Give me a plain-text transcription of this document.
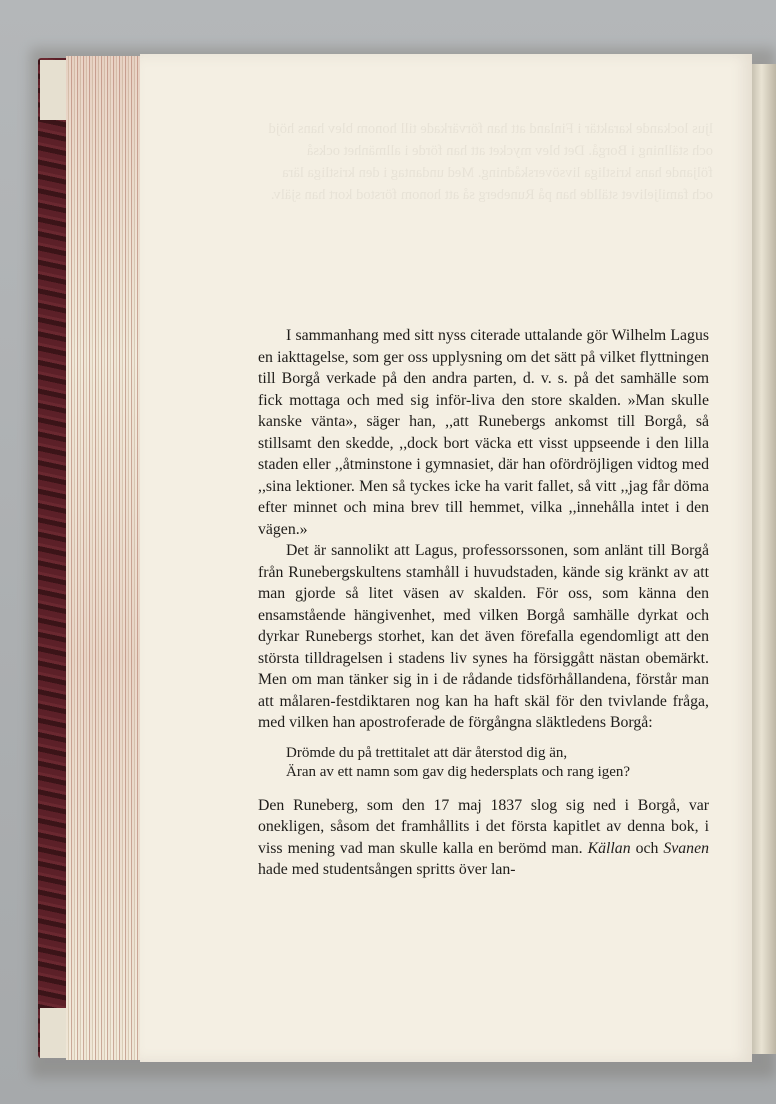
ljus lockande karaktär i Finland att han förvärkade till honom blev hans höjd och ställning i Borgå. Det blev mycket att han förde i allmänhet också följande hans kristliga livsöverskådning. Med undantag i den kristliga lära och familjelivet ställde han på Runeberg så att honom förstod kort han själv.

I sammanhang med sitt nyss citerade uttalande gör Wilhelm Lagus en iakttagelse, som ger oss upplysning om det sätt på vilket flyttningen till Borgå verkade på den andra parten, d. v. s. på det samhälle som fick mottaga och med sig inför-liva den store skalden. »Man skulle kanske vänta», säger han, ,,att Runebergs ankomst till Borgå, så stillsamt den skedde, ,,dock bort väcka ett visst uppseende i den lilla staden eller ,,åtminstone i gymnasiet, där han ofördröjligen vidtog med ,,sina lektioner. Men så tyckes icke ha varit fallet, så vitt ,,jag får döma efter minnet och mina brev till hemmet, vilka ,,innehålla intet i den vägen.»

Det är sannolikt att Lagus, professorssonen, som anlänt till Borgå från Runebergskultens stamhåll i huvudstaden, kände sig kränkt av att man gjorde så litet väsen av skalden. För oss, som känna den ensamstående hängivenhet, med vilken Borgå samhälle dyrkat och dyrkar Runebergs storhet, kan det även förefalla egendomligt att den största tilldragelsen i stadens liv synes ha försiggått nästan obemärkt. Men om man tänker sig in i de rådande tidsförhållandena, förstår man att målaren-festdiktaren nog kan ha haft skäl för den tvivlande fråga, med vilken han apostroferade de förgångna släktledens Borgå:

Drömde du på trettitalet att där återstod dig än,
Äran av ett namn som gav dig hedersplats och rang igen?

Den Runeberg, som den 17 maj 1837 slog sig ned i Borgå, var onekligen, såsom det framhållits i det första kapitlet av denna bok, i viss mening vad man skulle kalla en berömd man. Källan och Svanen hade med studentsången spritts över lan-
